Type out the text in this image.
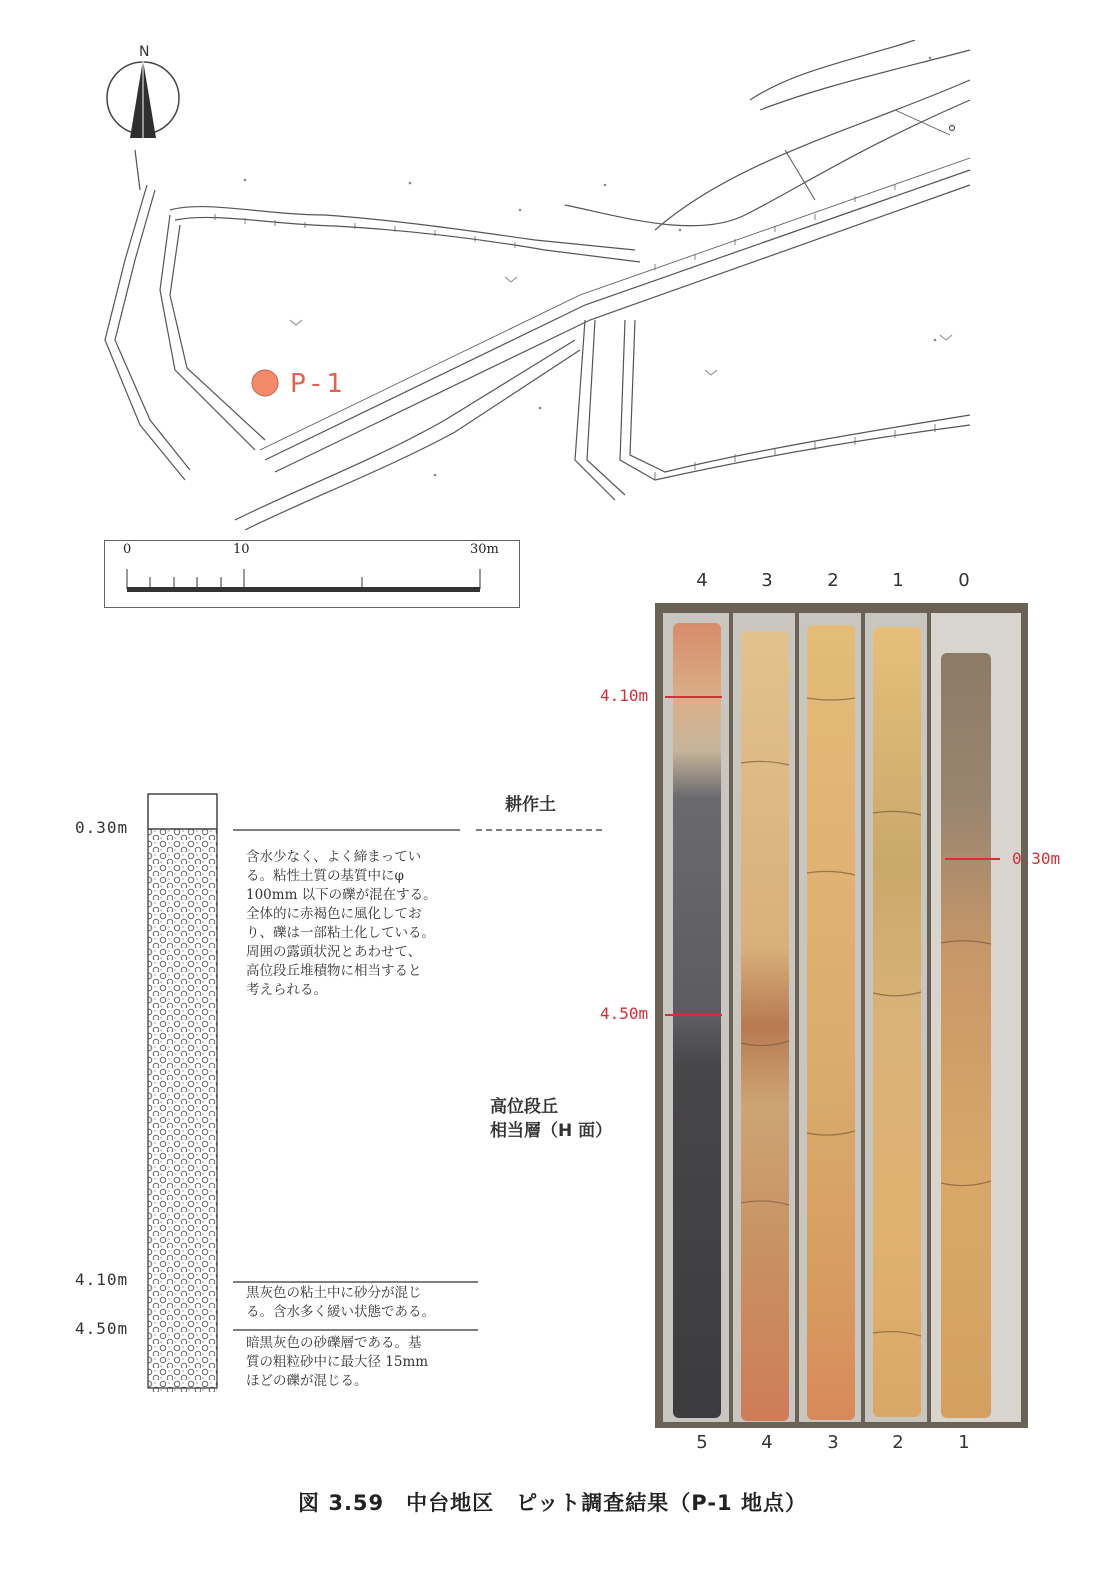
N
P-1
0	10	30m
0.30m
4.10m
4.50m
含水少なく、よく締まってい
る。粘性土質の基質中にφ
100mm 以下の礫が混在する。
全体的に赤褐色に風化してお
り、礫は一部粘土化している。
周囲の露頭状況とあわせて、
高位段丘堆積物に相当すると
考えられる。
黒灰色の粘土中に砂分が混じ
る。含水多く緩い状態である。
暗黒灰色の砂礫層である。基
質の粗粒砂中に最大径 15mm
ほどの礫が混じる。
耕作土
高位段丘
相当層（H 面）
4	3	2	1	0
4.10m
4.50m
0.30m
5	4	3	2	1
図 3.59　中台地区　ピット調査結果（P-1 地点）
